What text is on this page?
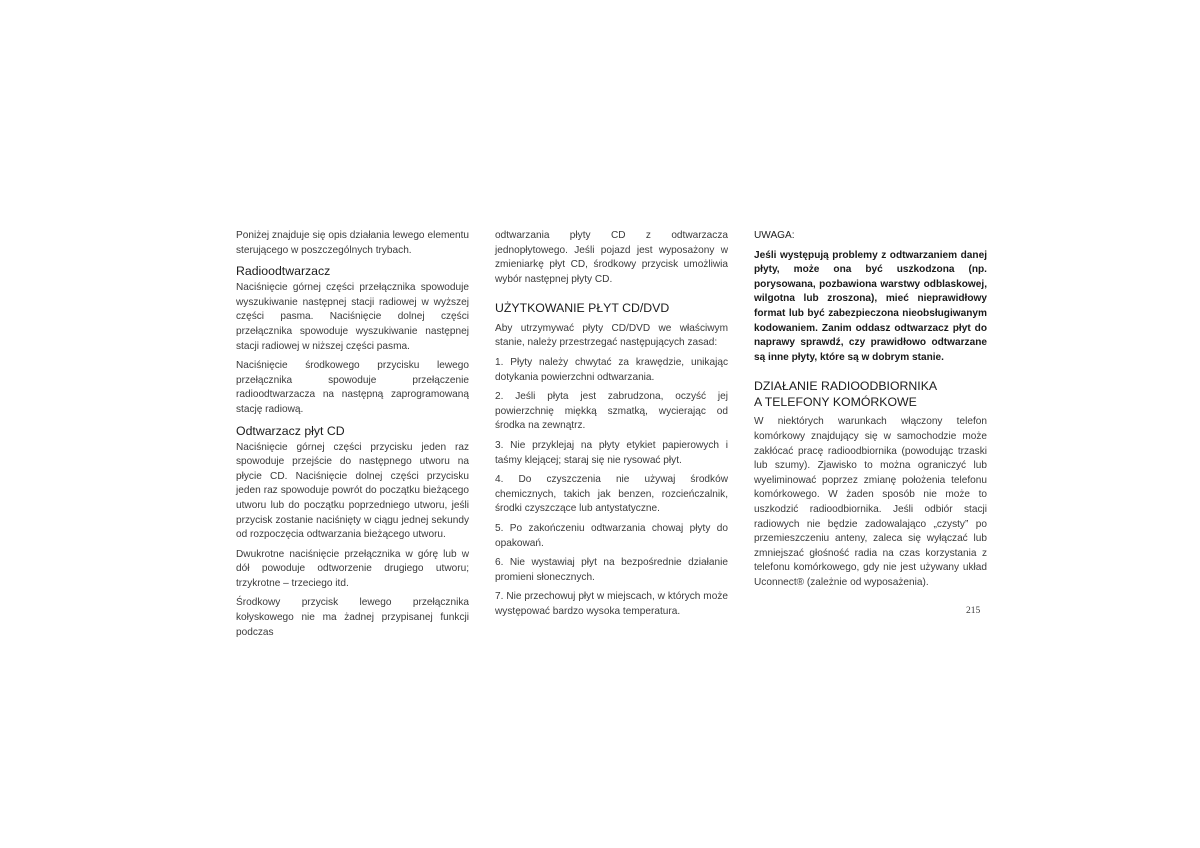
Poniżej znajduje się opis działania lewego elementu sterującego w poszczególnych trybach.

Radioodtwarzacz

Naciśnięcie górnej części przełącznika spowoduje wyszukiwanie następnej stacji radiowej w wyższej części pasma. Naciśnięcie dolnej części przełącznika spowoduje wyszukiwanie następnej stacji radiowej w niższej części pasma.

Naciśnięcie środkowego przycisku lewego przełącznika spowoduje przełączenie radioodtwarzacza na następną zaprogramowaną stację radiową.

Odtwarzacz płyt CD

Naciśnięcie górnej części przycisku jeden raz spowoduje przejście do następnego utworu na płycie CD. Naciśnięcie dolnej części przycisku jeden raz spowoduje powrót do początku bieżącego utworu lub do początku poprzedniego utworu, jeśli przycisk zostanie naciśnięty w ciągu jednej sekundy od rozpoczęcia odtwarzania bieżącego utworu.

Dwukrotne naciśnięcie przełącznika w górę lub w dół powoduje odtworzenie drugiego utworu; trzykrotne – trzeciego itd.

Środkowy przycisk lewego przełącznika kołyskowego nie ma żadnej przypisanej funkcji podczas

odtwarzania płyty CD z odtwarzacza jednopłytowego. Jeśli pojazd jest wyposażony w zmieniarkę płyt CD, środkowy przycisk umożliwia wybór następnej płyty CD.

UŻYTKOWANIE PŁYT CD/DVD

Aby utrzymywać płyty CD/DVD we właściwym stanie, należy przestrzegać następujących zasad:

1. Płyty należy chwytać za krawędzie, unikając dotykania powierzchni odtwarzania.

2. Jeśli płyta jest zabrudzona, oczyść jej powierzchnię miękką szmatką, wycierając od środka na zewnątrz.

3. Nie przyklejaj na płyty etykiet papierowych i taśmy klejącej; staraj się nie rysować płyt.

4. Do czyszczenia nie używaj środków chemicznych, takich jak benzen, rozcieńczalnik, środki czyszczące lub antystatyczne.

5. Po zakończeniu odtwarzania chowaj płyty do opakowań.

6. Nie wystawiaj płyt na bezpośrednie działanie promieni słonecznych.

7. Nie przechowuj płyt w miejscach, w których może występować bardzo wysoka temperatura.

UWAGA:

Jeśli występują problemy z odtwarzaniem danej płyty, może ona być uszkodzona (np. porysowana, pozbawiona warstwy odblaskowej, wilgotna lub zroszona), mieć nieprawidłowy format lub być zabezpieczona nieobsługiwanym kodowaniem. Zanim oddasz odtwarzacz płyt do naprawy sprawdź, czy prawidłowo odtwarzane są inne płyty, które są w dobrym stanie.

DZIAŁANIE RADIOODBIORNIKA
A TELEFONY KOMÓRKOWE

W niektórych warunkach włączony telefon komórkowy znajdujący się w samochodzie może zakłócać pracę radioodbiornika (powodując trzaski lub szumy). Zjawisko to można ograniczyć lub wyeliminować poprzez zmianę położenia telefonu komórkowego. W żaden sposób nie może to uszkodzić radioodbiornika. Jeśli odbiór stacji radiowych nie będzie zadowalająco „czysty” po przemieszczeniu anteny, zaleca się wyłączać lub zmniejszać głośność radia na czas korzystania z telefonu komórkowego, gdy nie jest używany układ Uconnect® (zależnie od wyposażenia).

215
